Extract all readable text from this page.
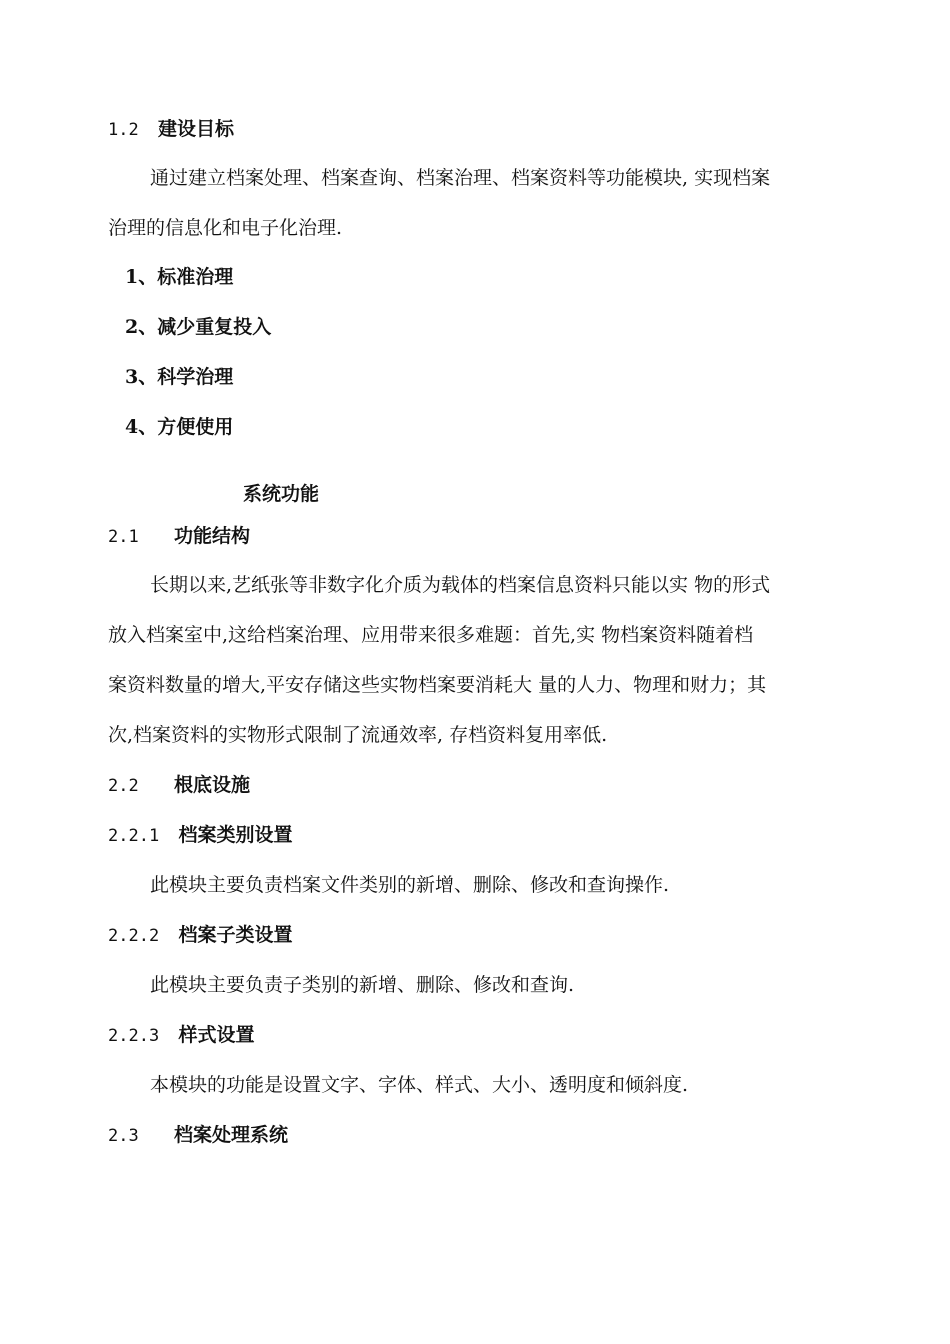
1.2 建设目标

通过建立档案处理、档案查询、档案治理、档案资料等功能模块, 实现档案

治理的信息化和电子化治理.

1、标准治理
2、减少重复投入
3、科学治理
4、方便使用
系统功能
2.1 功能结构

长期以来,艺纸张等非数字化介质为载体的档案信息资料只能以实 物的形式

放入档案室中,这给档案治理、应用带来很多难题：首先,实 物档案资料随着档

案资料数量的增大,平安存储这些实物档案要消耗大 量的人力、物理和财力；其

次,档案资料的实物形式限制了流通效率, 存档资料复用率低.

2.2 根底设施
2.2.1 档案类别设置

此模块主要负责档案文件类别的新增、删除、修改和查询操作.

2.2.2 档案子类设置

此模块主要负责子类别的新增、删除、修改和查询.

2.2.3 样式设置

本模块的功能是设置文字、字体、样式、大小、透明度和倾斜度.

2.3 档案处理系统
